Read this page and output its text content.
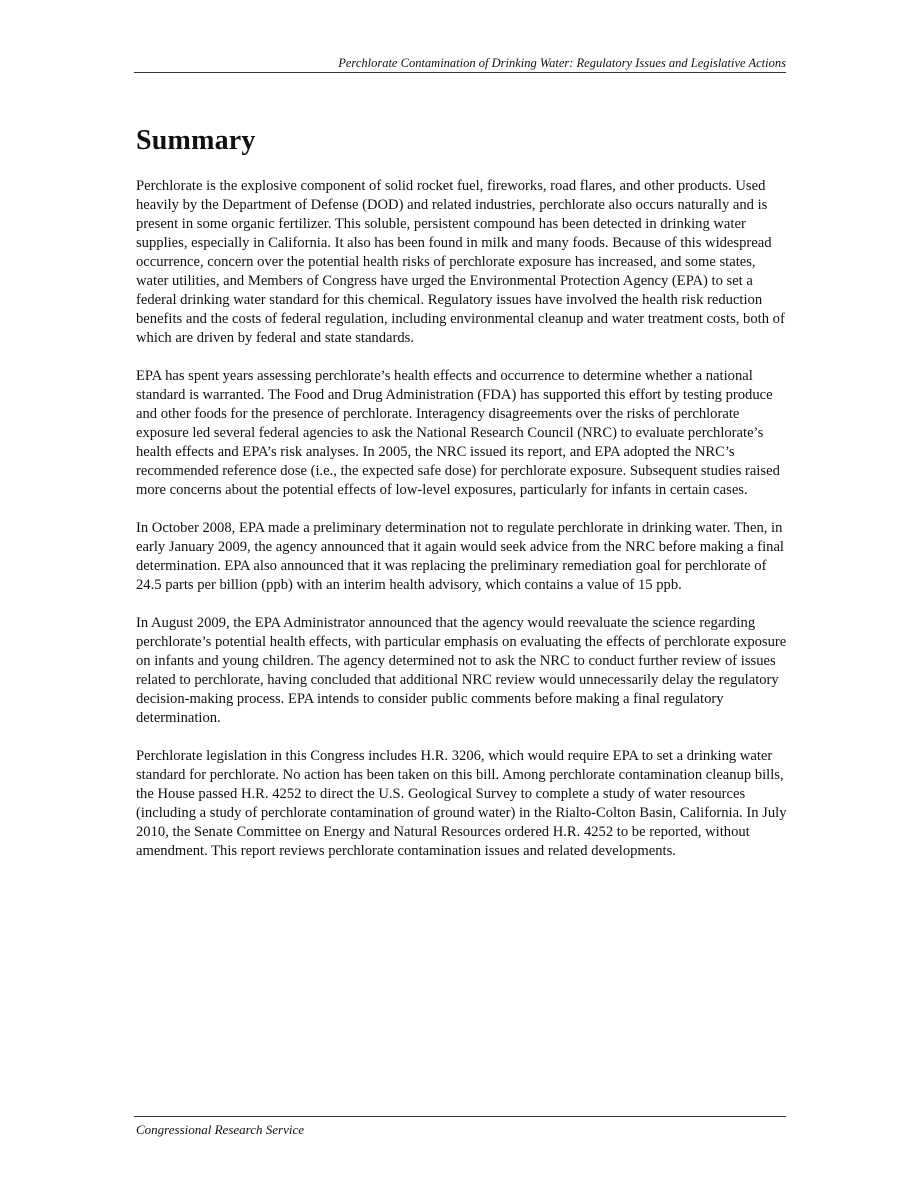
Perchlorate Contamination of Drinking Water: Regulatory Issues and Legislative Actions
Summary

Perchlorate is the explosive component of solid rocket fuel, fireworks, road flares, and other products. Used heavily by the Department of Defense (DOD) and related industries, perchlorate also occurs naturally and is present in some organic fertilizer. This soluble, persistent compound has been detected in drinking water supplies, especially in California. It also has been found in milk and many foods. Because of this widespread occurrence, concern over the potential health risks of perchlorate exposure has increased, and some states, water utilities, and Members of Congress have urged the Environmental Protection Agency (EPA) to set a federal drinking water standard for this chemical. Regulatory issues have involved the health risk reduction benefits and the costs of federal regulation, including environmental cleanup and water treatment costs, both of which are driven by federal and state standards.

EPA has spent years assessing perchlorate’s health effects and occurrence to determine whether a national standard is warranted. The Food and Drug Administration (FDA) has supported this effort by testing produce and other foods for the presence of perchlorate. Interagency disagreements over the risks of perchlorate exposure led several federal agencies to ask the National Research Council (NRC) to evaluate perchlorate’s health effects and EPA’s risk analyses. In 2005, the NRC issued its report, and EPA adopted the NRC’s recommended reference dose (i.e., the expected safe dose) for perchlorate exposure. Subsequent studies raised more concerns about the potential effects of low-level exposures, particularly for infants in certain cases.

In October 2008, EPA made a preliminary determination not to regulate perchlorate in drinking water. Then, in early January 2009, the agency announced that it again would seek advice from the NRC before making a final determination. EPA also announced that it was replacing the preliminary remediation goal for perchlorate of 24.5 parts per billion (ppb) with an interim health advisory, which contains a value of 15 ppb.

In August 2009, the EPA Administrator announced that the agency would reevaluate the science regarding perchlorate’s potential health effects, with particular emphasis on evaluating the effects of perchlorate exposure on infants and young children. The agency determined not to ask the NRC to conduct further review of issues related to perchlorate, having concluded that additional NRC review would unnecessarily delay the regulatory decision-making process. EPA intends to consider public comments before making a final regulatory determination.

Perchlorate legislation in this Congress includes H.R. 3206, which would require EPA to set a drinking water standard for perchlorate. No action has been taken on this bill. Among perchlorate contamination cleanup bills, the House passed H.R. 4252 to direct the U.S. Geological Survey to complete a study of water resources (including a study of perchlorate contamination of ground water) in the Rialto-Colton Basin, California. In July 2010, the Senate Committee on Energy and Natural Resources ordered H.R. 4252 to be reported, without amendment. This report reviews perchlorate contamination issues and related developments.

Congressional Research Service
